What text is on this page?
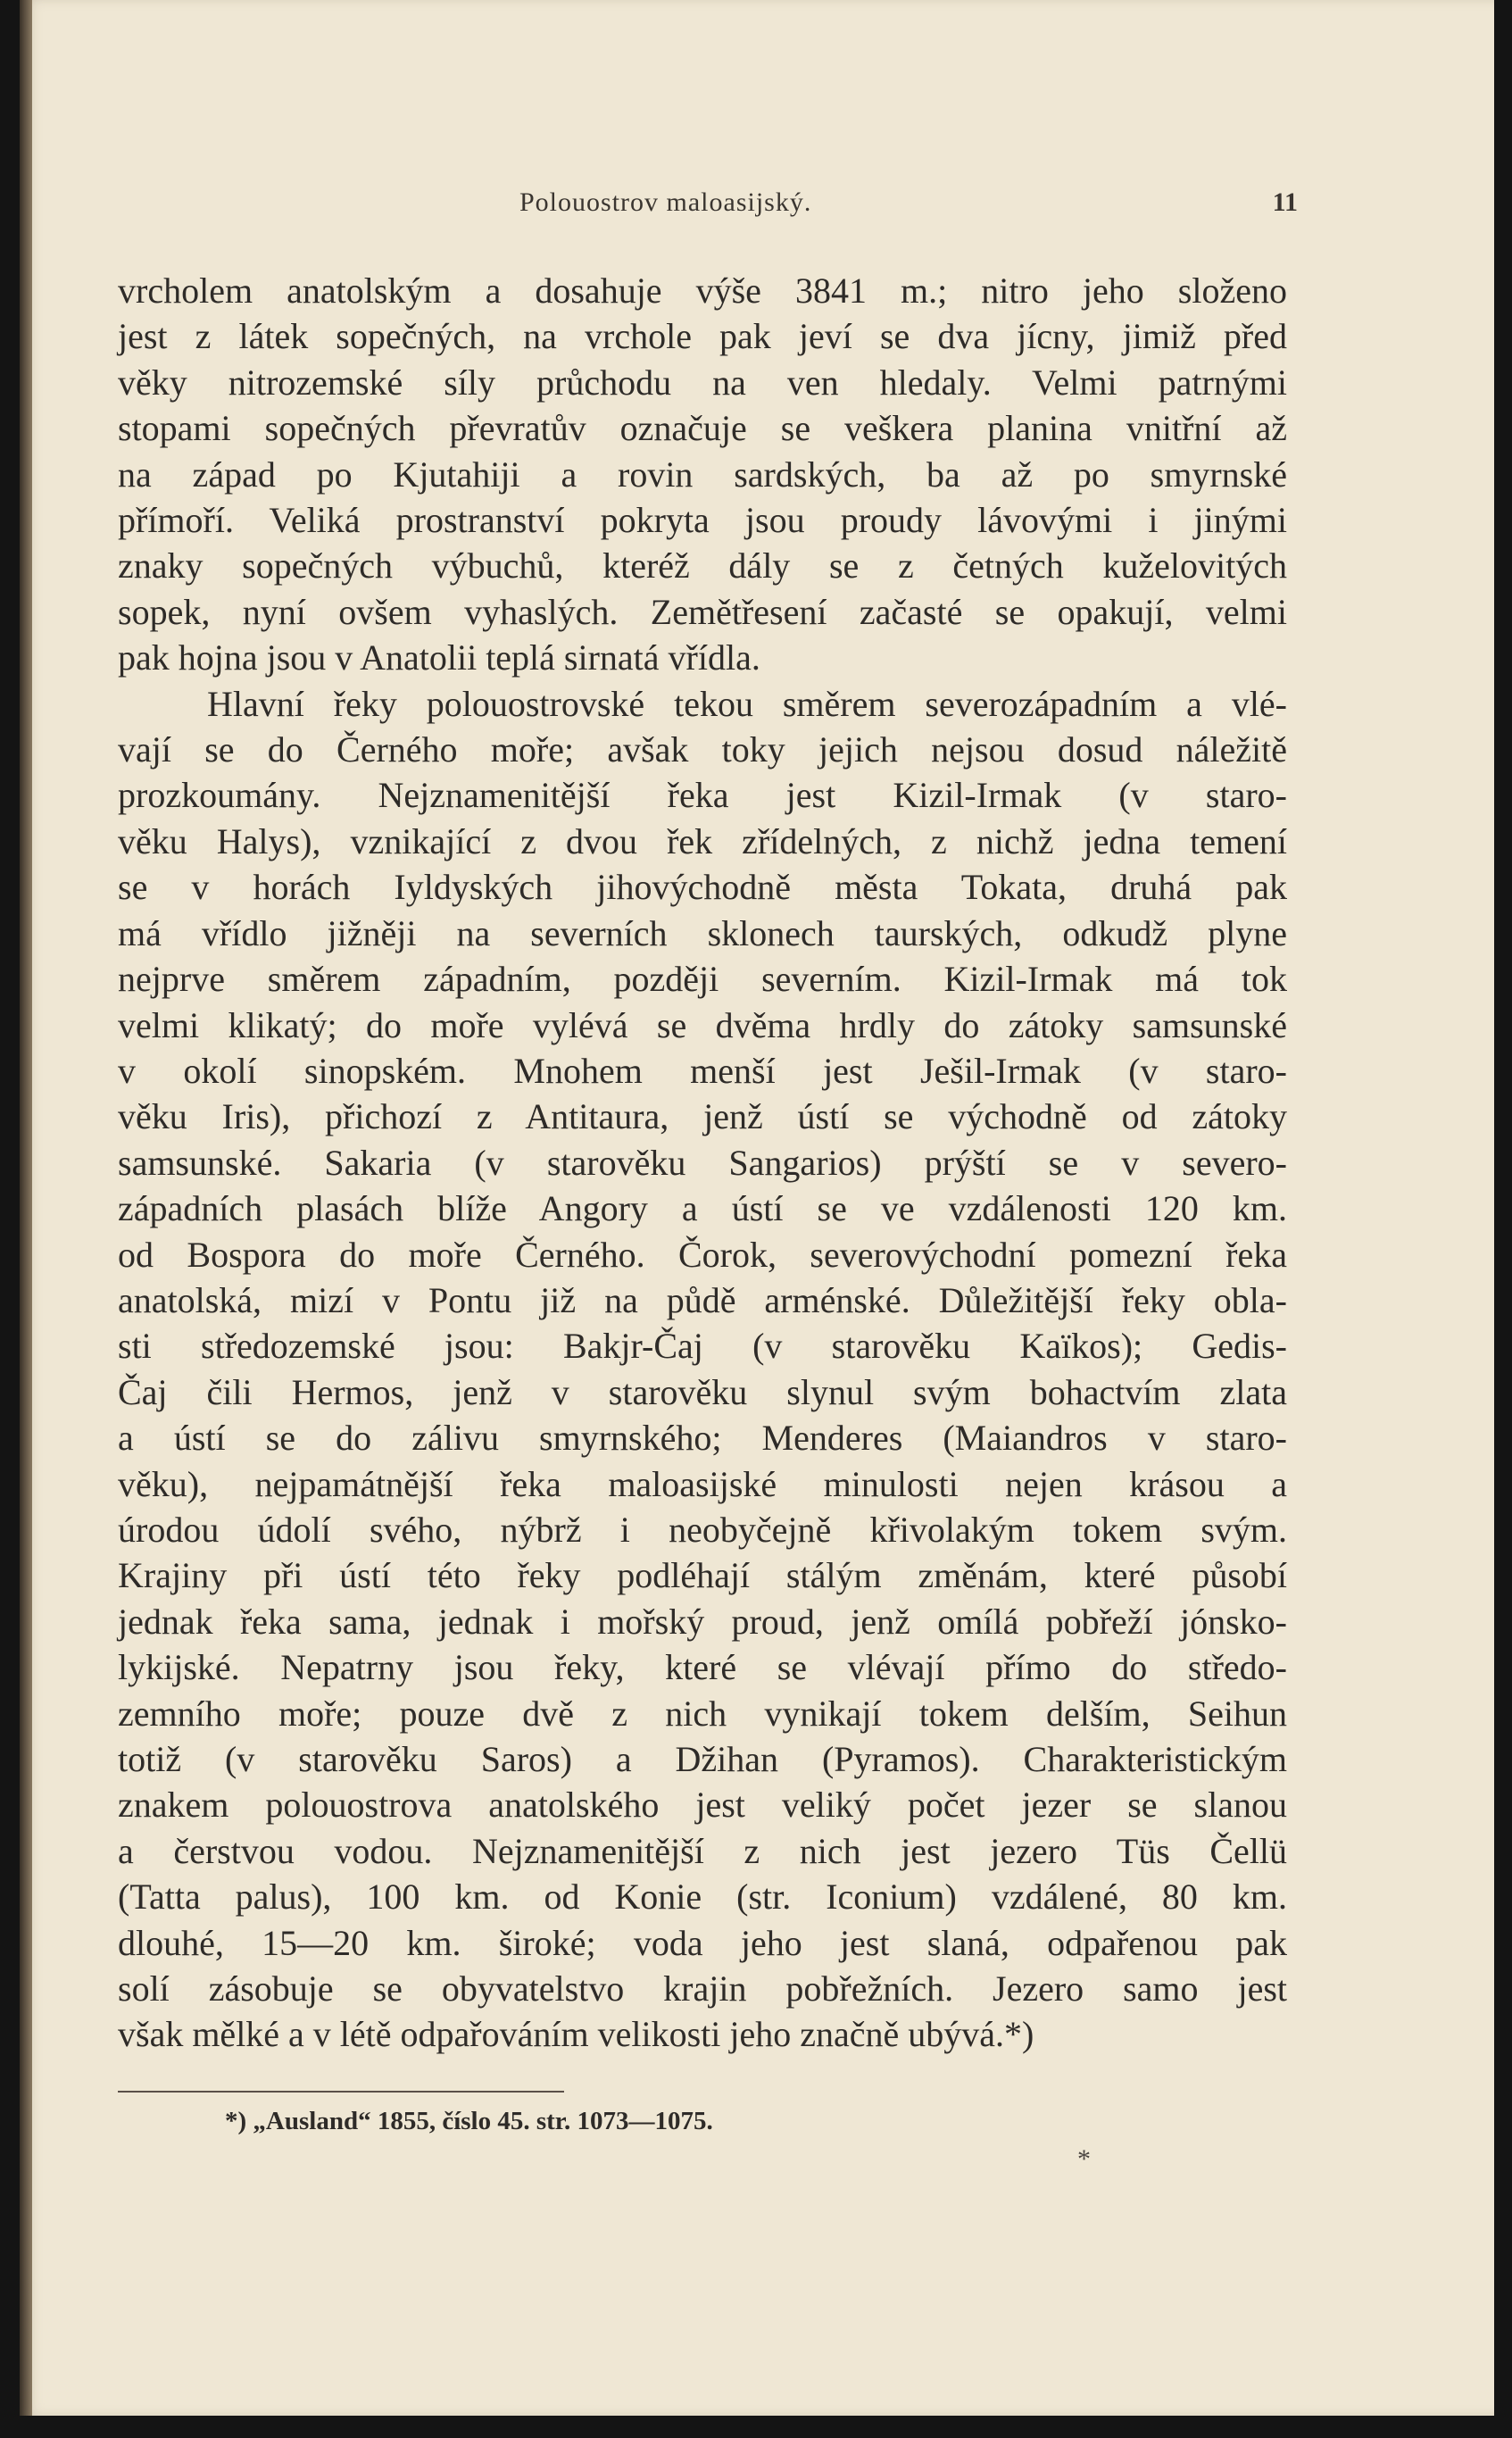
Polouostrov maloasijský.	11
vrcholem anatolským a dosahuje výše 3841 m.; nitro jeho složeno
jest z látek sopečných, na vrchole pak jeví se dva jícny, jimiž před
věky nitrozemské síly průchodu na ven hledaly. Velmi patrnými
stopami sopečných převratův označuje se veškera planina vnitřní až
na západ po Kjutahiji a rovin sardských, ba až po smyrnské
přímoří. Veliká prostranství pokryta jsou proudy lávovými i jinými
znaky sopečných výbuchů, kteréž dály se z četných kuželovitých
sopek, nyní ovšem vyhaslých. Zemětřesení začasté se opakují, velmi
pak hojna jsou v Anatolii teplá sirnatá vřídla.
Hlavní řeky polouostrovské tekou směrem severozápadním a vlé-
vají se do Černého moře; avšak toky jejich nejsou dosud náležitě
prozkoumány. Nejznamenitější řeka jest Kizil-Irmak (v staro-
věku Halys), vznikající z dvou řek zřídelných, z nichž jedna temení
se v horách Iyldyských jihovýchodně města Tokata, druhá pak
má vřídlo jižněji na severních sklonech taurských, odkudž plyne
nejprve směrem západním, později severním. Kizil-Irmak má tok
velmi klikatý; do moře vylévá se dvěma hrdly do zátoky samsunské
v okolí sinopském. Mnohem menší jest Ješil-Irmak (v staro-
věku Iris), přichozí z Antitaura, jenž ústí se východně od zátoky
samsunské. Sakaria (v starověku Sangarios) prýští se v severo-
západních plasách blíže Angory a ústí se ve vzdálenosti 120 km.
od Bospora do moře Černého. Čorok, severovýchodní pomezní řeka
anatolská, mizí v Pontu již na půdě arménské. Důležitější řeky obla-
sti středozemské jsou: Bakjr-Čaj (v starověku Kaïkos); Gedis-
Čaj čili Hermos, jenž v starověku slynul svým bohactvím zlata
a ústí se do zálivu smyrnského; Menderes (Maiandros v staro-
věku), nejpamátnější řeka maloasijské minulosti nejen krásou a
úrodou údolí svého, nýbrž i neobyčejně křivolakým tokem svým.
Krajiny při ústí této řeky podléhají stálým změnám, které působí
jednak řeka sama, jednak i mořský proud, jenž omílá pobřeží jónsko-
lykijské. Nepatrny jsou řeky, které se vlévají přímo do středo-
zemního moře; pouze dvě z nich vynikají tokem delším, Seihun
totiž (v starověku Saros) a Džihan (Pyramos). Charakteristickým
znakem polouostrova anatolského jest veliký počet jezer se slanou
a čerstvou vodou. Nejznamenitější z nich jest jezero Tüs Čellü
(Tatta palus), 100 km. od Konie (str. Iconium) vzdálené, 80 km.
dlouhé, 15—20 km. široké; voda jeho jest slaná, odpařenou pak
solí zásobuje se obyvatelstvo krajin pobřežních. Jezero samo jest
však mělké a v létě odpařováním velikosti jeho značně ubývá.*)
*) „Ausland“ 1855, číslo 45. str. 1073—1075.
*
